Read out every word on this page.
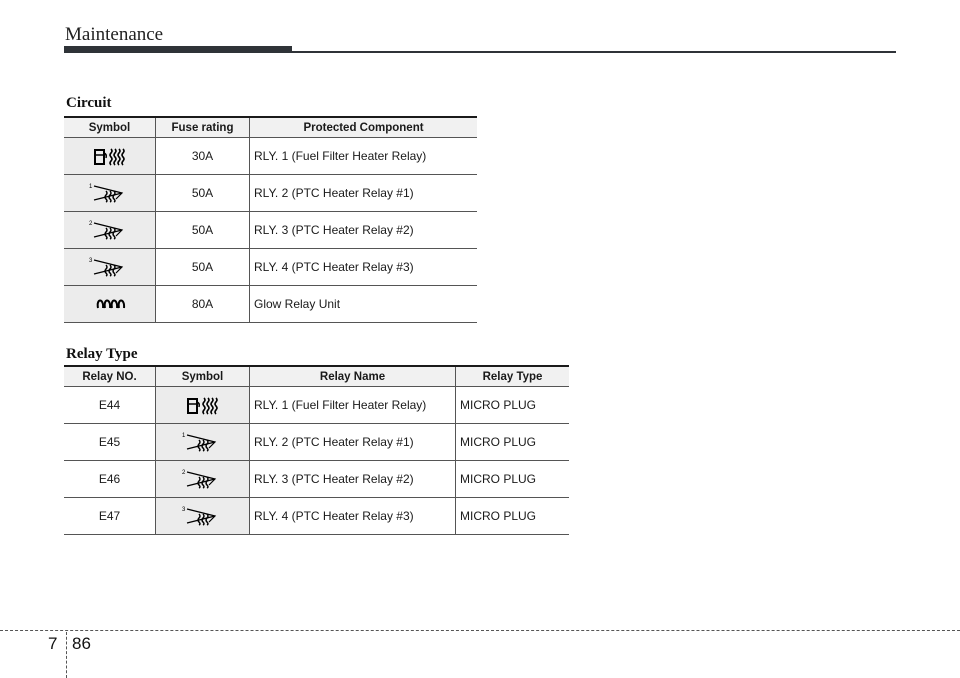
Maintenance
Circuit
Symbol	Fuse rating	Protected Component
	30A	RLY. 1 (Fuel Filter Heater Relay)

1	50A	RLY. 2 (PTC Heater Relay #1)

2	50A	RLY. 3 (PTC Heater Relay #2)

3	50A	RLY. 4 (PTC Heater Relay #3)
	80A	Glow Relay Unit
Relay Type
Relay NO.	Symbol	Relay Name	Relay Type
E44		RLY. 1 (Fuel Filter Heater Relay)	MICRO PLUG
E45	1	RLY. 2 (PTC Heater Relay #1)	MICRO PLUG
E46	2	RLY. 3 (PTC Heater Relay #2)	MICRO PLUG
E47	3	RLY. 4 (PTC Heater Relay #3)	MICRO PLUG
7 86
